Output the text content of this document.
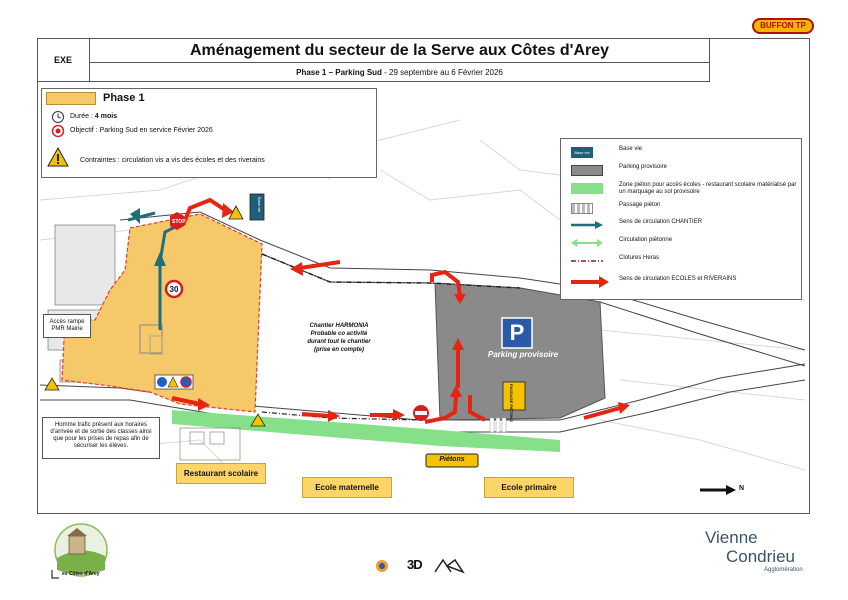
BUFFON TP
EXE
Aménagement du secteur de la Serve aux Côtes d'Arey
Phase 1 – Parking Sud - 29 septembre au 6 Février 2026
STOP
30
Base vie
PASSAGE PIÉTONS
Piétons
P
Parking provisoire
Chantier HARMONIA
Probable co activité
durant tout le chantier
(prise en compte)
Accès rampe
PMR Mairie
Homme trafic présent aux horaires
d'arrivée et de sortie des classes ainsi
que pour les prises de repas afin de
sécuriser les élèves.
Restaurant scolaire
Ecole maternelle	Ecole primaire	N
Phase 1
Durée : 4 mois
Objectif : Parking Sud en service Février 2026
Contraintes : circulation vis a vis des écoles et des riverains
Base vie
Base vie
Parking provisoire
Zone piéton pour accès écoles - restaurant scolaire matérialisé par un marquage au sol provisoire
Passage piéton
Sens de circulation CHANTIER
Circulation piétonne
Clotures Heras
Sens de circulation ECOLES et RIVERAINS
es Côtes d'Arey
3D
Vienne
Condrieu
Agglomération
